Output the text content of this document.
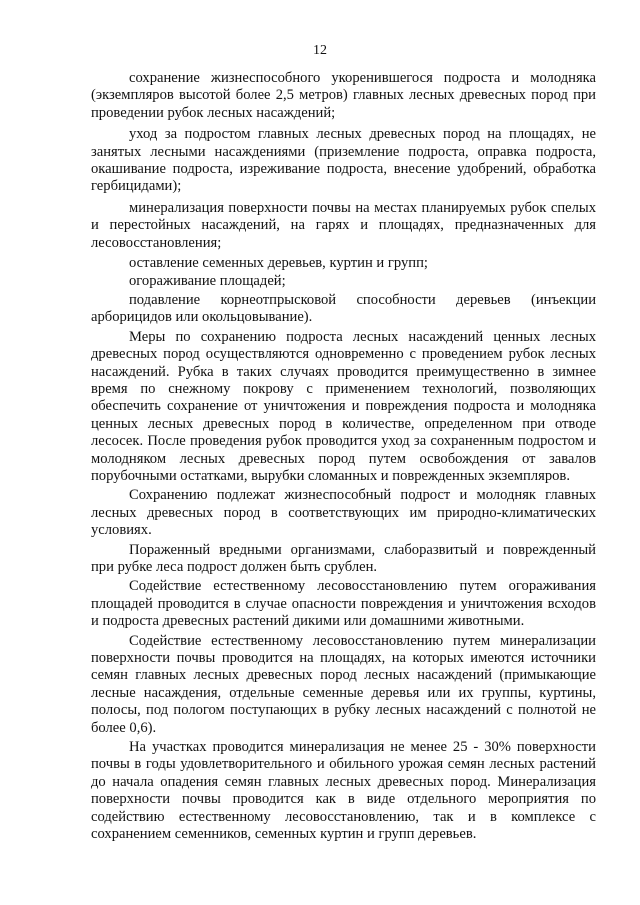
12

сохранение жизнеспособного укоренившегося подроста и молодняка (экземпляров высотой более 2,5 метров) главных лесных древесных пород при проведении рубок лесных насаждений;

уход за подростом главных лесных древесных пород на площадях, не занятых лесными насаждениями (приземление подроста, оправка подроста, окашивание подроста, изреживание подроста, внесение удобрений, обработка гербицидами);

минерализация поверхности почвы на местах планируемых рубок спелых и перестойных насаждений, на гарях и площадях, предназначенных для лесовосстановления;

оставление семенных деревьев, куртин и групп;

огораживание площадей;

подавление корнеотпрысковой способности деревьев (инъекции арборицидов или окольцовывание).

Меры по сохранению подроста лесных насаждений ценных лесных древесных пород осуществляются одновременно с проведением рубок лесных насаждений. Рубка в таких случаях проводится преимущественно в зимнее время по снежному покрову с применением технологий, позволяющих обеспечить сохранение от уничтожения и повреждения подроста и молодняка ценных лесных древесных пород в количестве, определенном при отводе лесосек. После проведения рубок проводится уход за сохраненным подростом и молодняком лесных древесных пород путем освобождения от завалов порубочными остатками, вырубки сломанных и поврежденных экземпляров.

Сохранению подлежат жизнеспособный подрост и молодняк главных лесных древесных пород в соответствующих им природно-климатических условиях.

Пораженный вредными организмами, слаборазвитый и поврежденный при рубке леса подрост должен быть срублен.

Содействие естественному лесовосстановлению путем огораживания площадей проводится в случае опасности повреждения и уничтожения всходов и подроста древесных растений дикими или домашними животными.

Содействие естественному лесовосстановлению путем минерализации поверхности почвы проводится на площадях, на которых имеются источники семян главных лесных древесных пород лесных насаждений (примыкающие лесные насаждения, отдельные семенные деревья или их группы, куртины, полосы, под пологом поступающих в рубку лесных насаждений с полнотой не более 0,6).

На участках проводится минерализация не менее 25 - 30% поверхности почвы в годы удовлетворительного и обильного урожая семян лесных растений до начала опадения семян главных лесных древесных пород. Минерализация поверхности почвы проводится как в виде отдельного мероприятия по содействию естественному лесовосстановлению, так и в комплексе с сохранением семенников, семенных куртин и групп деревьев.
